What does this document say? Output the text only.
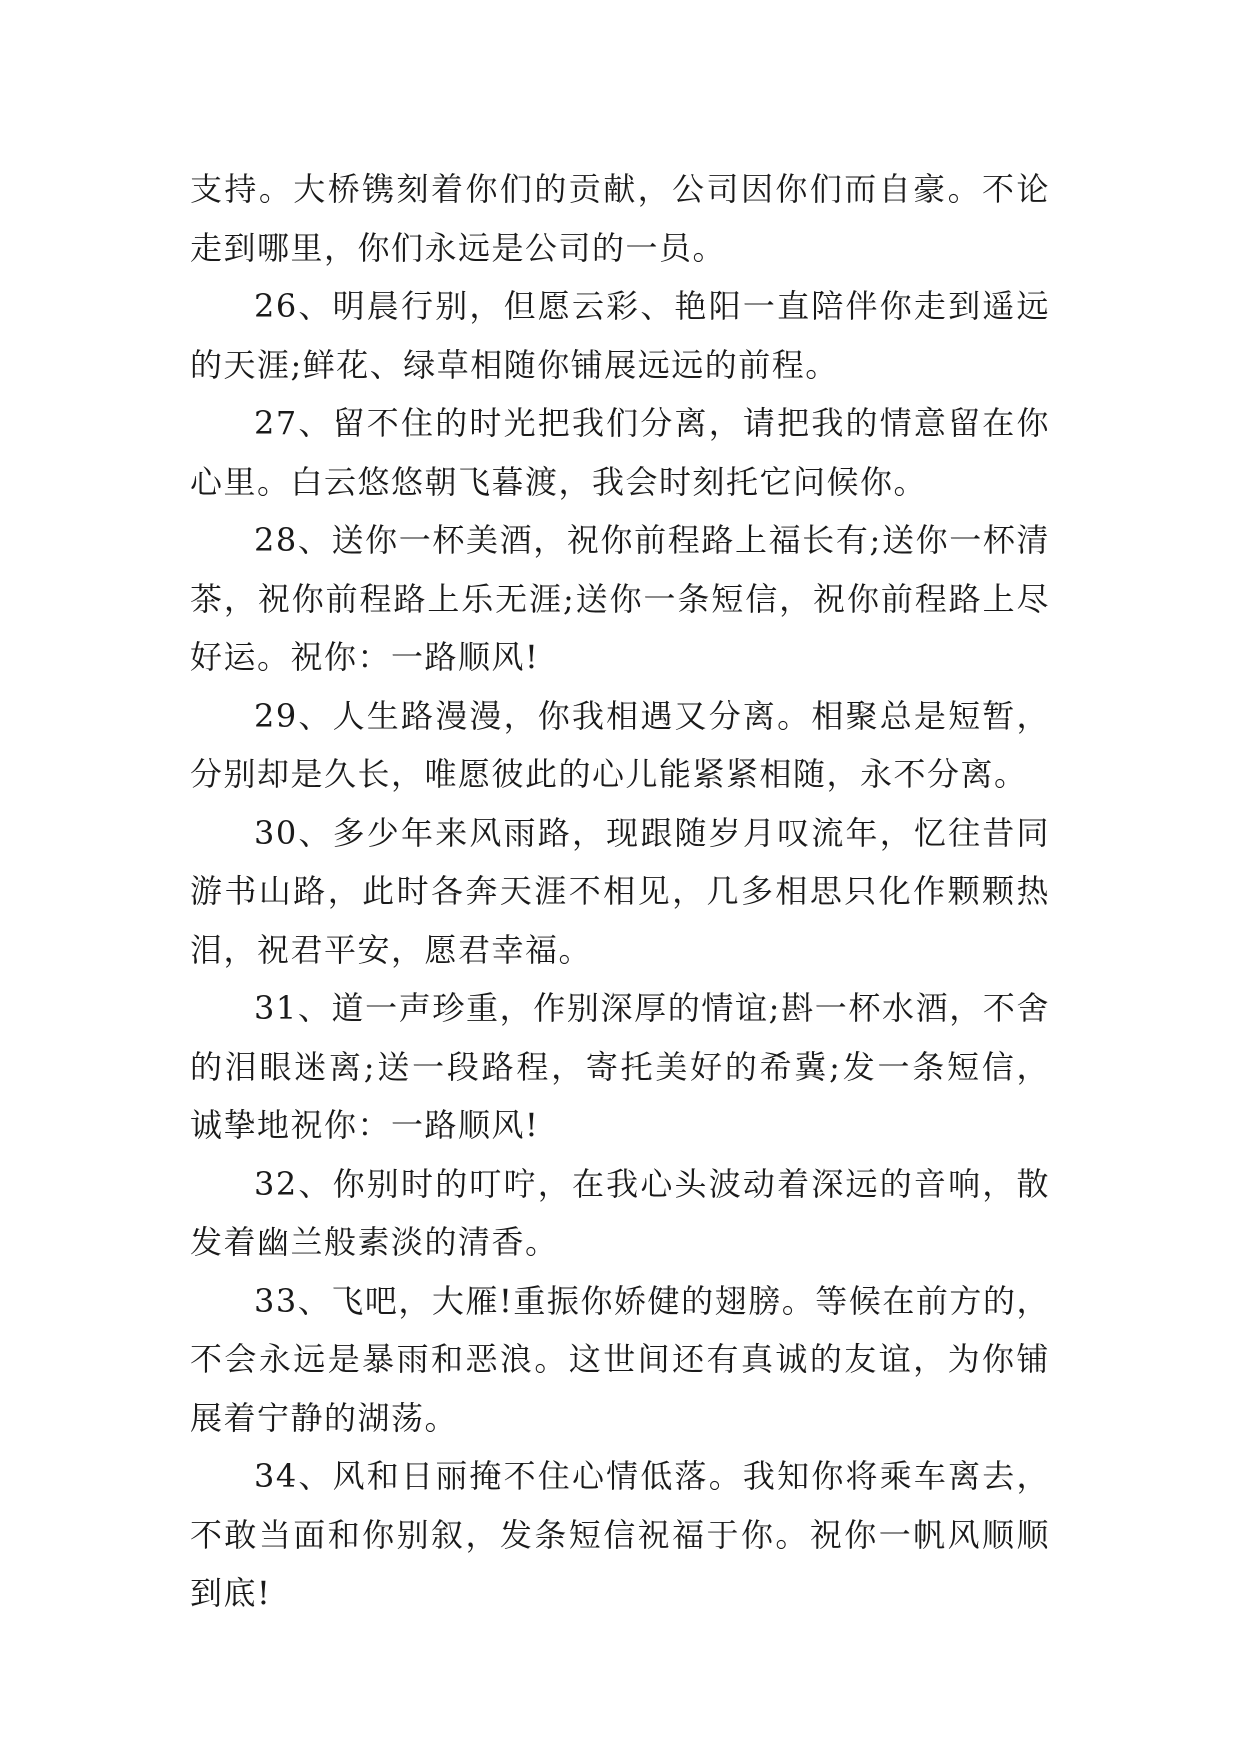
支持。大桥镌刻着你们的贡献，公司因你们而自豪。不论走到哪里，你们永远是公司的一员。

26、明晨行别，但愿云彩、艳阳一直陪伴你走到遥远的天涯;鲜花、绿草相随你铺展远远的前程。

27、留不住的时光把我们分离，请把我的情意留在你心里。白云悠悠朝飞暮渡，我会时刻托它问候你。

28、送你一杯美酒，祝你前程路上福长有;送你一杯清茶，祝你前程路上乐无涯;送你一条短信，祝你前程路上尽好运。祝你：一路顺风!

29、人生路漫漫，你我相遇又分离。相聚总是短暂，分别却是久长，唯愿彼此的心儿能紧紧相随，永不分离。

30、多少年来风雨路，现跟随岁月叹流年，忆往昔同游书山路，此时各奔天涯不相见，几多相思只化作颗颗热泪，祝君平安，愿君幸福。

31、道一声珍重，作别深厚的情谊;斟一杯水酒，不舍的泪眼迷离;送一段路程，寄托美好的希冀;发一条短信，诚挚地祝你：一路顺风!

32、你别时的叮咛，在我心头波动着深远的音响，散发着幽兰般素淡的清香。

33、飞吧，大雁!重振你娇健的翅膀。等候在前方的，不会永远是暴雨和恶浪。这世间还有真诚的友谊，为你铺展着宁静的湖荡。

34、风和日丽掩不住心情低落。我知你将乘车离去，不敢当面和你别叙，发条短信祝福于你。祝你一帆风顺顺到底!
